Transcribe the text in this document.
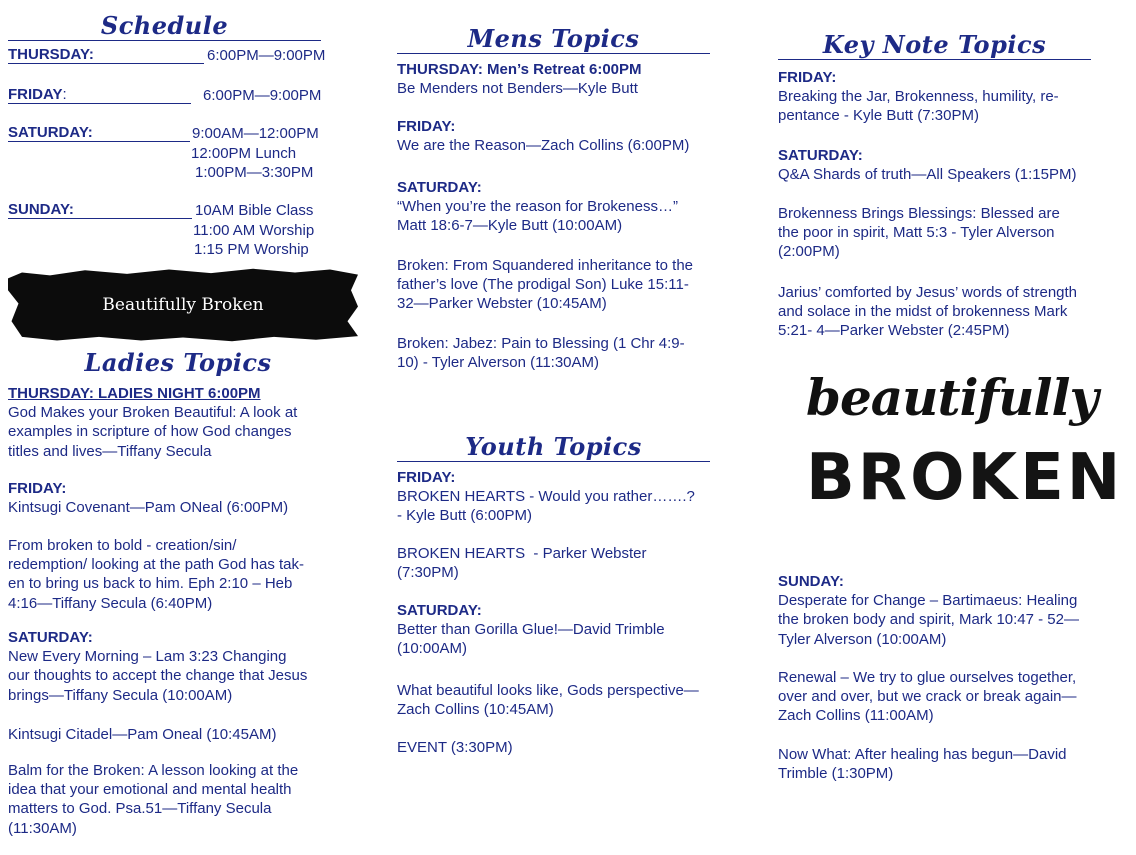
Schedule
THURSDAY:	6:00PM—9:00PM
FRIDAY:	6:00PM—9:00PM
SATURDAY:	9:00AM—12:00PM
12:00PM Lunch
1:00PM—3:30PM
SUNDAY:	10AM Bible Class
11:00 AM Worship
1:15 PM Worship
Beautifully Broken
Ladies Topics
THURSDAY: LADIES NIGHT 6:00PM
God Makes your Broken Beautiful: A look at
examples in scripture of how God changes
titles and lives—Tiffany Secula
FRIDAY:
Kintsugi Covenant—Pam ONeal (6:00PM)
From broken to bold - creation/sin/
redemption/ looking at the path God has tak-
en to bring us back to him. Eph 2:10 – Heb
4:16—Tiffany Secula (6:40PM)
SATURDAY:
New Every Morning – Lam 3:23 Changing
our thoughts to accept the change that Jesus
brings—Tiffany Secula (10:00AM)
Kintsugi Citadel—Pam Oneal (10:45AM)
Balm for the Broken: A lesson looking at the
idea that your emotional and mental health
matters to God. Psa.51—Tiffany Secula
(11:30AM)
Mens Topics
THURSDAY: Men’s Retreat 6:00PM
Be Menders not Benders—Kyle Butt
FRIDAY:
We are the Reason—Zach Collins (6:00PM)
SATURDAY:
“When you’re the reason for Brokeness…”
Matt 18:6-7—Kyle Butt (10:00AM)
Broken: From Squandered inheritance to the
father’s love (The prodigal Son) Luke 15:11-
32—Parker Webster (10:45AM)
Broken: Jabez: Pain to Blessing (1 Chr 4:9-
10) - Tyler Alverson (11:30AM)
Youth Topics
FRIDAY:
BROKEN HEARTS - Would you rather…….?
- Kyle Butt (6:00PM)
BROKEN HEARTS  - Parker Webster
(7:30PM)
SATURDAY:
Better than Gorilla Glue!—David Trimble
(10:00AM)
What beautiful looks like, Gods perspective—
Zach Collins (10:45AM)
EVENT (3:30PM)
Key Note Topics
FRIDAY:
Breaking the Jar, Brokenness, humility, re-
pentance - Kyle Butt (7:30PM)
SATURDAY:
Q&A Shards of truth—All Speakers (1:15PM)
Brokenness Brings Blessings: Blessed are
the poor in spirit, Matt 5:3 - Tyler Alverson
(2:00PM)
Jarius’ comforted by Jesus’ words of strength
and solace in the midst of brokenness Mark
5:21- 4—Parker Webster (2:45PM)
SUNDAY:
Desperate for Change – Bartimaeus: Healing
the broken body and spirit, Mark 10:47 - 52—
Tyler Alverson (10:00AM)
Renewal – We try to glue ourselves together,
over and over, but we crack or break again—
Zach Collins (11:00AM)
Now What: After healing has begun—David
Trimble (1:30PM)
beautifully
BROKEN
